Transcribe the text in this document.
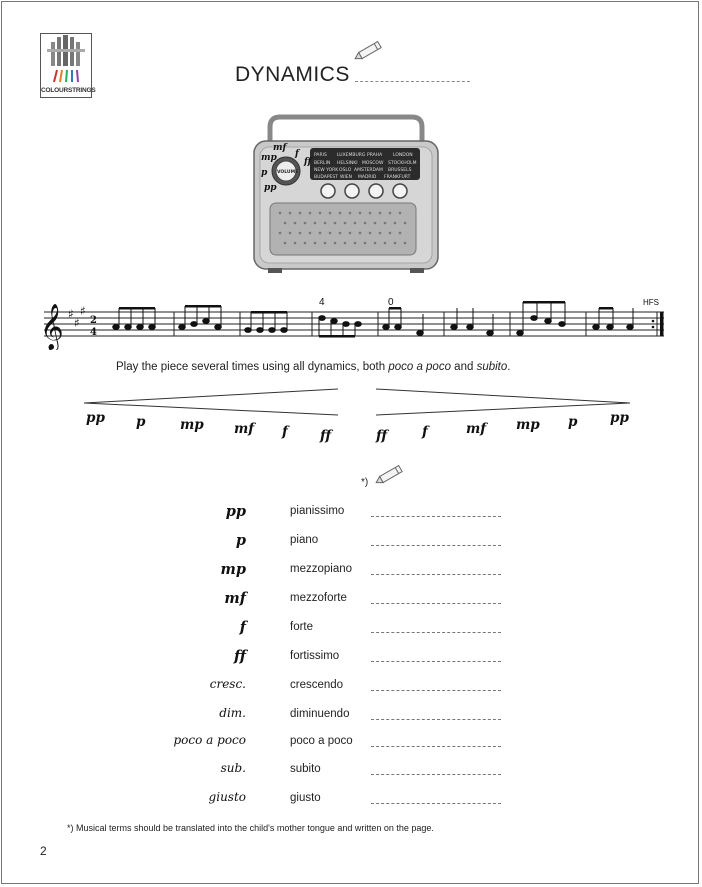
COLOURSTRINGS
DYNAMICS
PARIS LUXEMBURG PRAHA LONDON
BERLIN HELSINKI MOSCOW STOCKHOLM
NEW YORK OSLO AMSTERDAM BRUSSELS
BUDAPEST WIEN MADRID FRANKFURT
mf
f
mp	ff
p
pp
VOLUME
𝄞 ♯
♯
♯
2
4
4	0	HFS
Play the piece several times using all dynamics, both poco a poco and subito.
pp p	mp mf f ff	ff	f	mf mp p pp
*)
pp	pianissimo
p	piano
mp	mezzopiano
mf	mezzoforte
f	forte
ff	fortissimo
cresc.	crescendo
dim.	diminuendo
poco a poco	poco a poco
sub.	subito
giusto	giusto
*) Musical terms should be translated into the child's mother tongue and written on the page.
2
